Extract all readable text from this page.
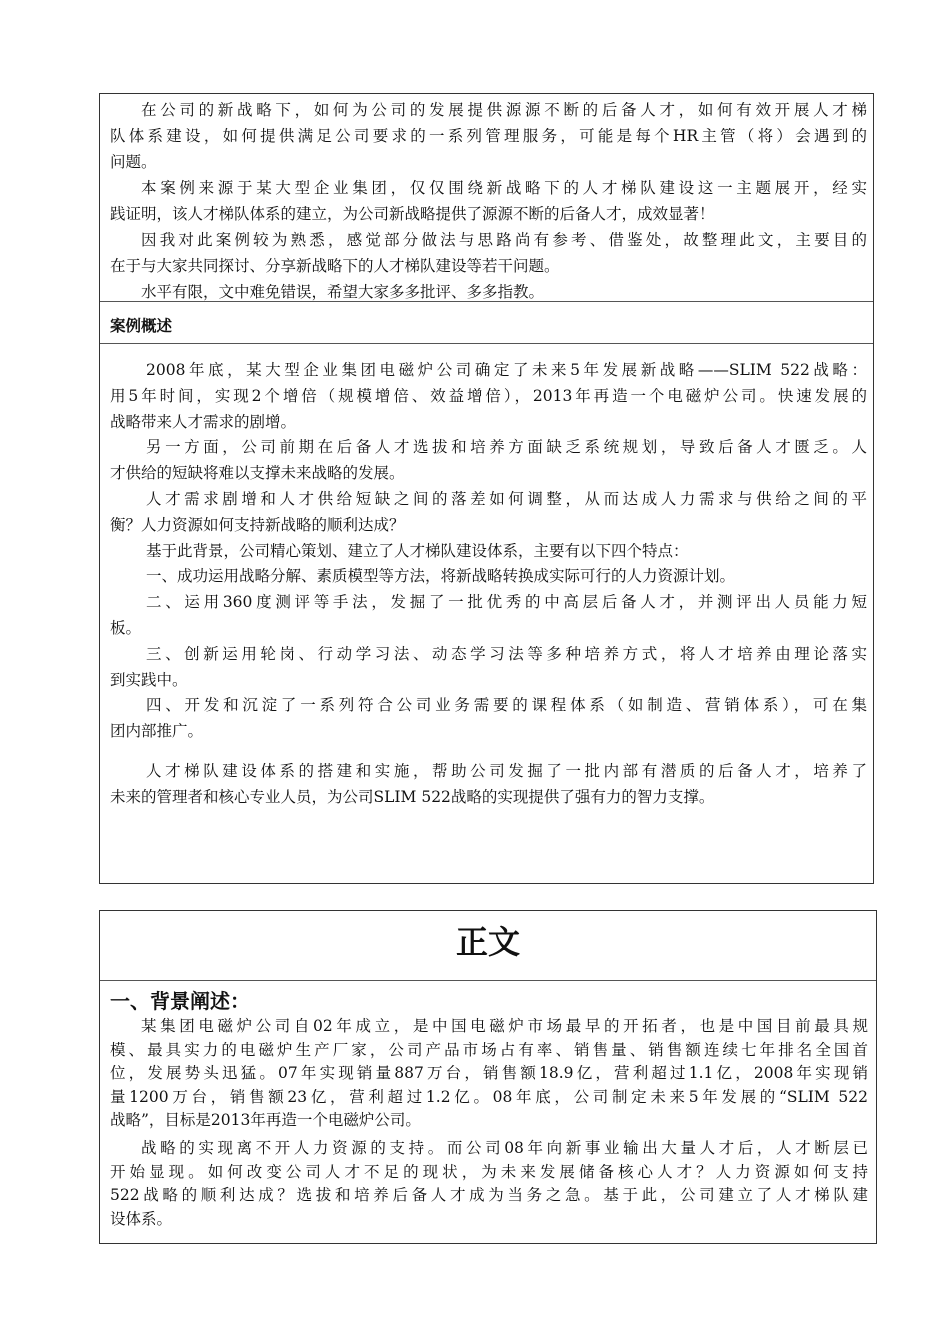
在公司的新战略下，如何为公司的发展提供源源不断的后备人才，如何有效开展人才梯
队体系建设，如何提供满足公司要求的一系列管理服务，可能是每个HR主管（将）会遇到的
问题。
本案例来源于某大型企业集团，仅仅围绕新战略下的人才梯队建设这一主题展开，经实
践证明，该人才梯队体系的建立，为公司新战略提供了源源不断的后备人才，成效显著！
因我对此案例较为熟悉，感觉部分做法与思路尚有参考、借鉴处，故整理此文，主要目的
在于与大家共同探讨、分享新战略下的人才梯队建设等若干问题。
水平有限，文中难免错误，希望大家多多批评、多多指教。
案例概述
2008年底，某大型企业集团电磁炉公司确定了未来5年发展新战略——SLIM 522战略：
用5年时间，实现2个增倍（规模增倍、效益增倍），2013年再造一个电磁炉公司。快速发展的
战略带来人才需求的剧增。
另一方面，公司前期在后备人才选拔和培养方面缺乏系统规划，导致后备人才匮乏。人
才供给的短缺将难以支撑未来战略的发展。
人才需求剧增和人才供给短缺之间的落差如何调整，从而达成人力需求与供给之间的平
衡？人力资源如何支持新战略的顺利达成？
基于此背景，公司精心策划、建立了人才梯队建设体系，主要有以下四个特点：
一、成功运用战略分解、素质模型等方法，将新战略转换成实际可行的人力资源计划。
二、运用360度测评等手法，发掘了一批优秀的中高层后备人才，并测评出人员能力短
板。
三、创新运用轮岗、行动学习法、动态学习法等多种培养方式，将人才培养由理论落实
到实践中。
四、开发和沉淀了一系列符合公司业务需要的课程体系（如制造、营销体系），可在集
团内部推广。
人才梯队建设体系的搭建和实施，帮助公司发掘了一批内部有潜质的后备人才，培养了
未来的管理者和核心专业人员，为公司SLIM 522战略的实现提供了强有力的智力支撑。
正文
一、背景阐述：
某集团电磁炉公司自02年成立，是中国电磁炉市场最早的开拓者，也是中国目前最具规
模、最具实力的电磁炉生产厂家，公司产品市场占有率、销售量、销售额连续七年排名全国首
位，发展势头迅猛。07年实现销量887万台，销售额18.9亿，营利超过1.1亿，2008年实现销
量1200万台，销售额23亿，营利超过1.2亿。08年底，公司制定未来5年发展的“SLIM 522
战略”，目标是2013年再造一个电磁炉公司。
战略的实现离不开人力资源的支持。而公司08年向新事业输出大量人才后，人才断层已
开始显现。如何改变公司人才不足的现状，为未来发展储备核心人才？人力资源如何支持
522战略的顺利达成？选拔和培养后备人才成为当务之急。基于此，公司建立了人才梯队建
设体系。
